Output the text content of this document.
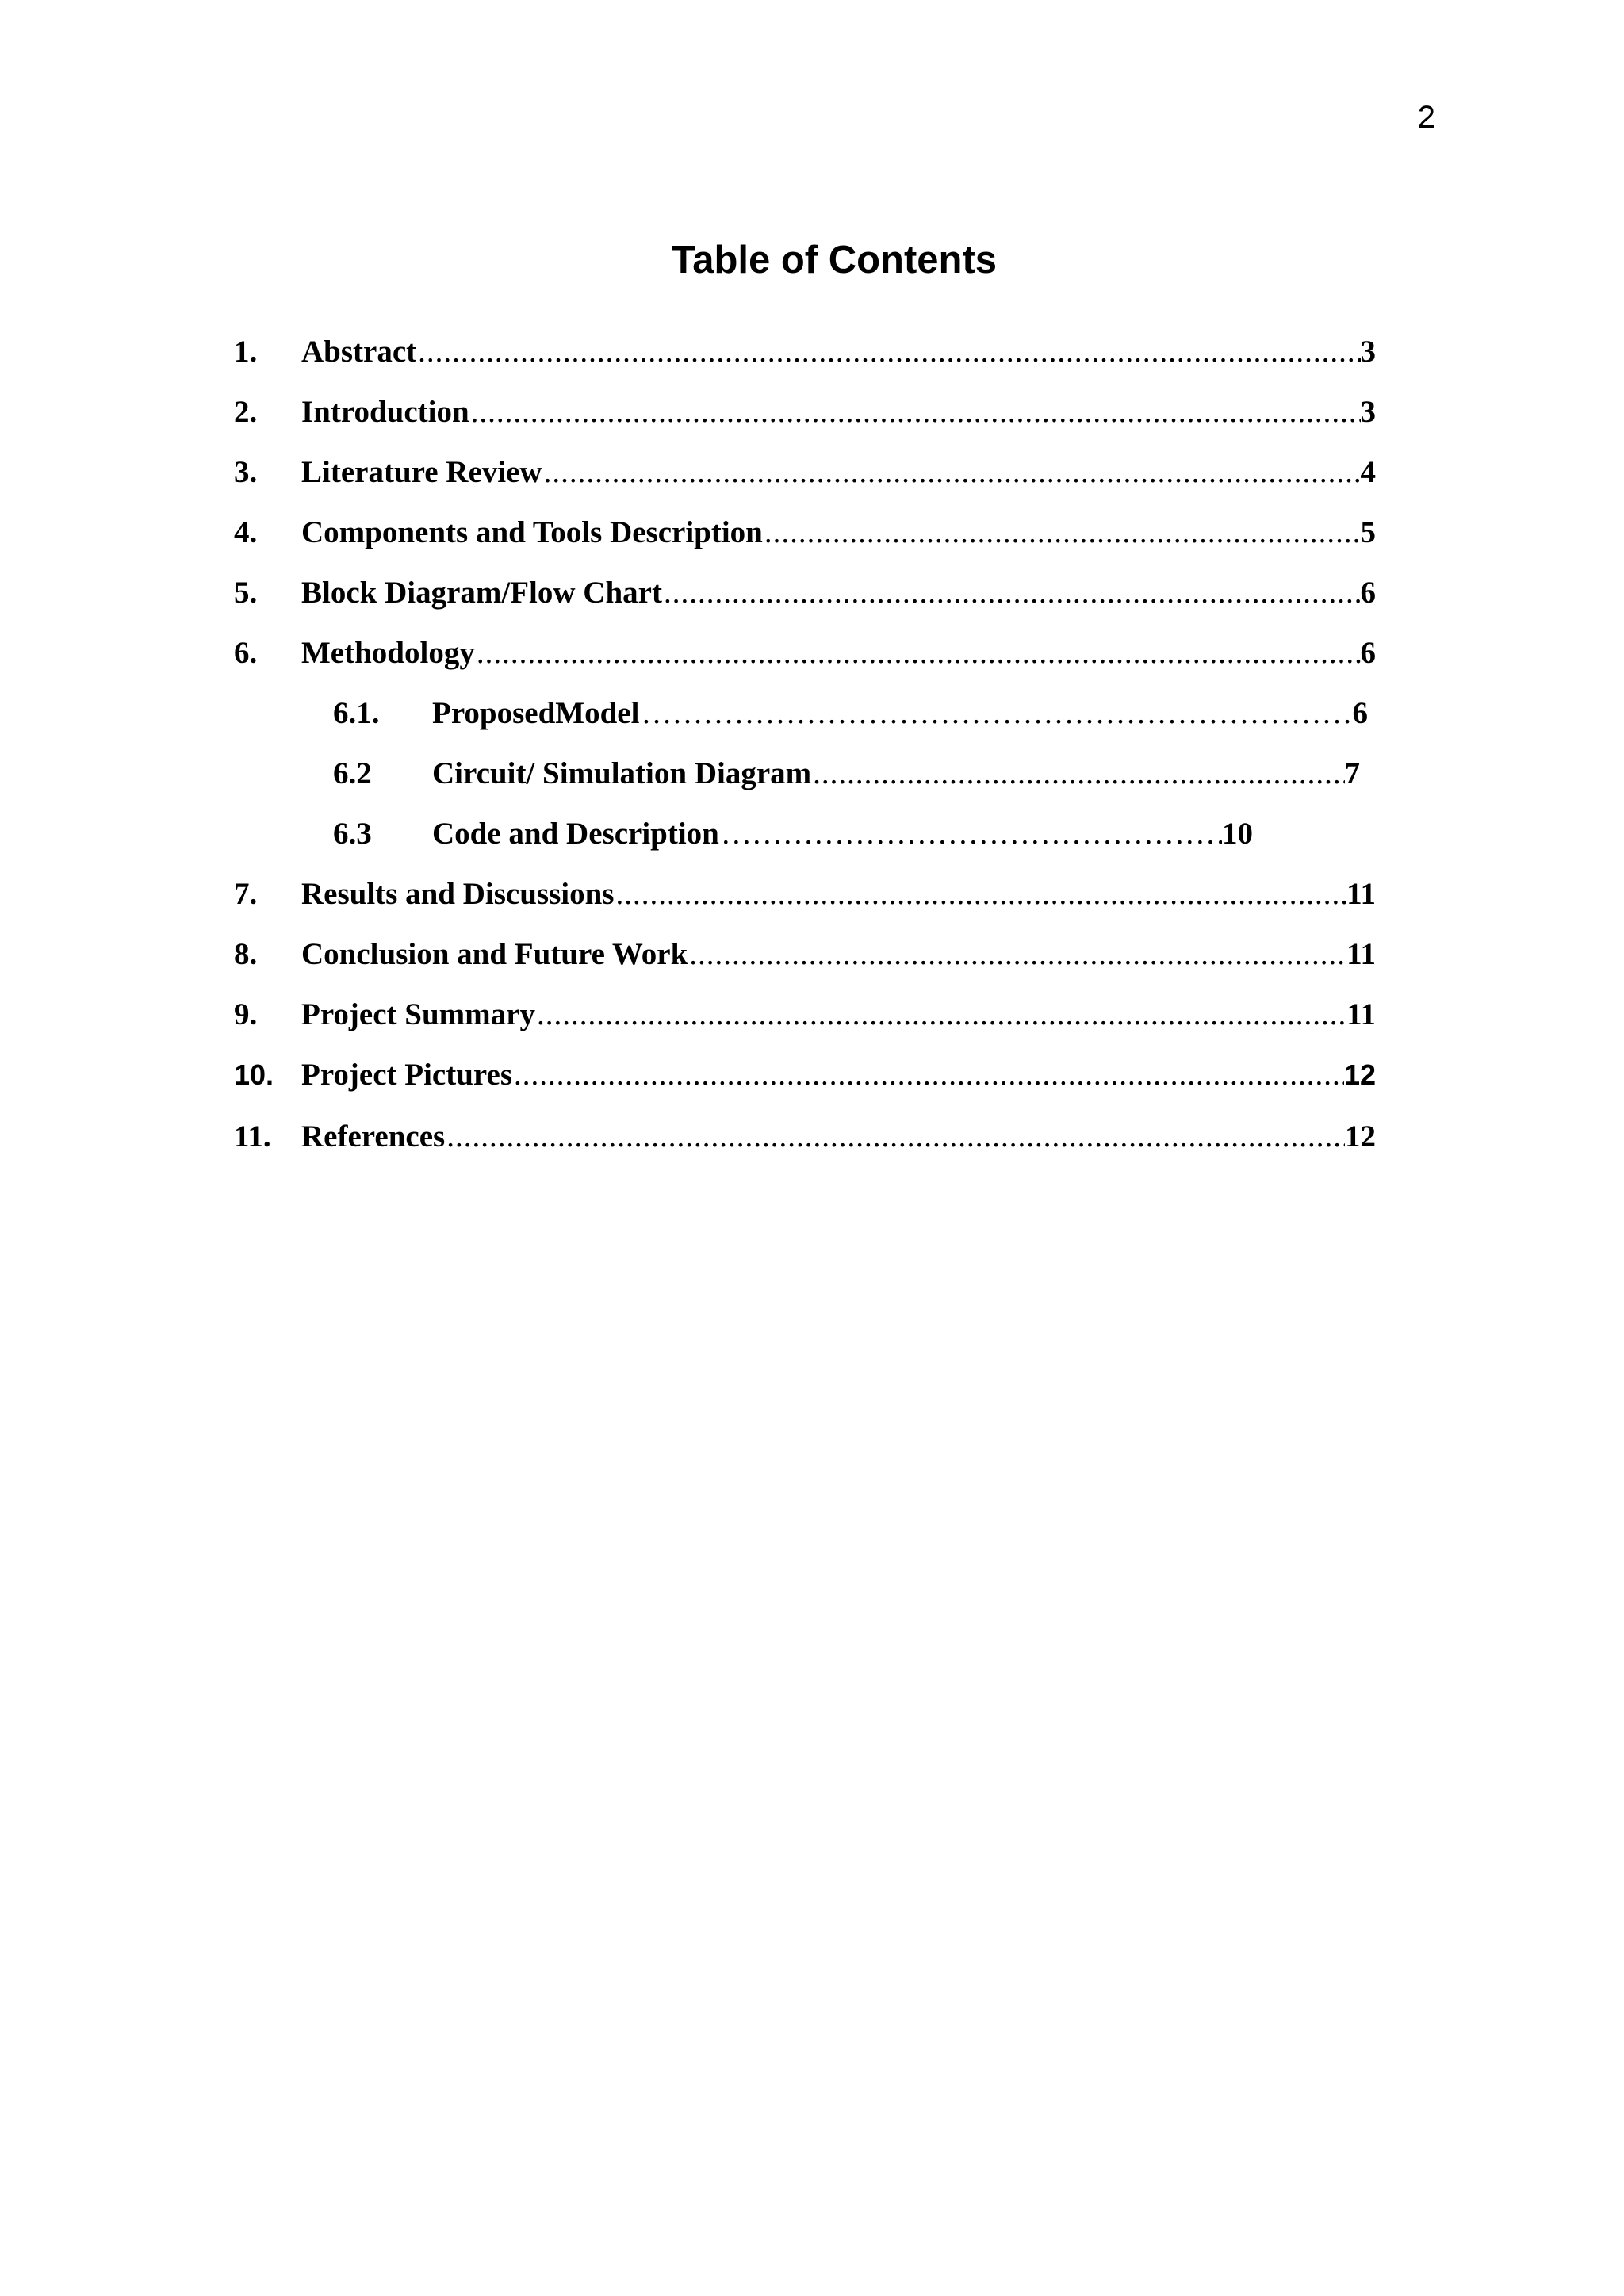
2
Table of Contents
1.	Abstract .....	3
2.	Introduction .....	3
3.	Literature Review .....	4
4.	Components and Tools Description .....	5
5.	Block Diagram/Flow Chart .....	6
6.	Methodology .....	6
6.1.	ProposedModel ……………………………………………………………………………………………………………………………………………………………………………………………	6
6.2	Circuit/ Simulation Diagram .....	7
6.3	Code and Description ……………………………………………………………………………………………………………………………………………………………………………………………	10
7.	Results and Discussions .....	11
8.	Conclusion and Future Work .....	11
9.	Project Summary .....	11
10. Project Pictures .....	12
11. References .....	12
